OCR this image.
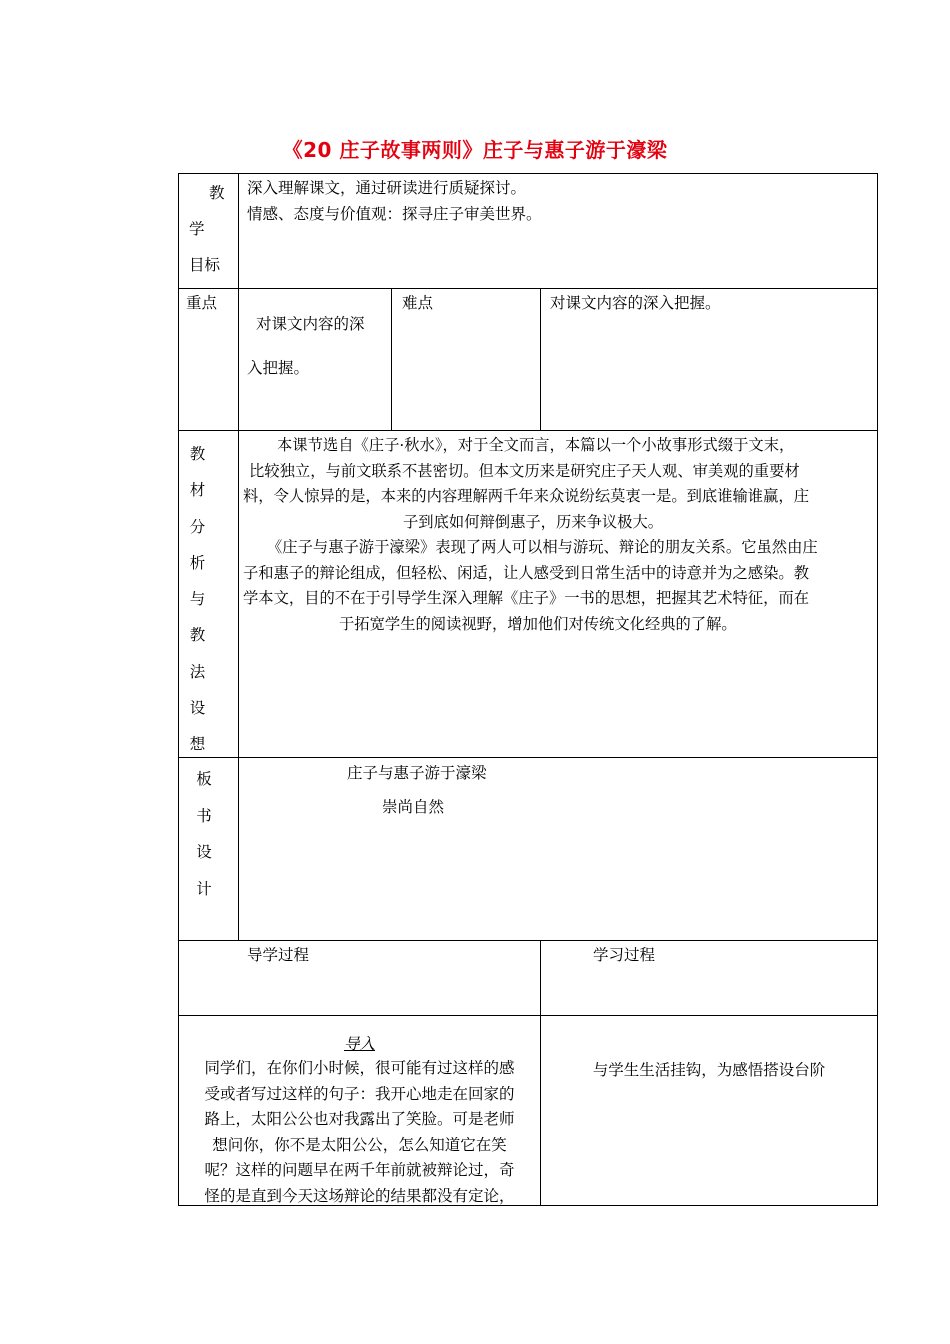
《20 庄子故事两则》庄子与惠子游于濠梁
教
学
目标
深入理解课文，通过研读进行质疑探讨。
情感、态度与价值观：探寻庄子审美世界。
重点
对课文内容的深
入把握。
难点	对课文内容的深入把握。
教
材
分
析
与
教
法
设
想
本课节选自《庄子·秋水》，对于全文而言，本篇以一个小故事形式缀于文末，
比较独立，与前文联系不甚密切。但本文历来是研究庄子天人观、审美观的重要材
料，令人惊异的是，本来的内容理解两千年来众说纷纭莫衷一是。到底谁输谁赢，庄
子到底如何辩倒惠子，历来争议极大。
《庄子与惠子游于濠梁》表现了两人可以相与游玩、辩论的朋友关系。它虽然由庄
子和惠子的辩论组成，但轻松、闲适，让人感受到日常生活中的诗意并为之感染。教
学本文，目的不在于引导学生深入理解《庄子》一书的思想，把握其艺术特征，而在
于拓宽学生的阅读视野，增加他们对传统文化经典的了解。
板
书
设
计
庄子与惠子游于濠梁
崇尚自然
导学过程	学习过程
导入
同学们，在你们小时候，很可能有过这样的感
受或者写过这样的句子：我开心地走在回家的
路上，太阳公公也对我露出了笑脸。可是老师
想问你，你不是太阳公公，怎么知道它在笑
呢？这样的问题早在两千年前就被辩论过，奇
怪的是直到今天这场辩论的结果都没有定论，
与学生生活挂钩，为感悟搭设台阶
